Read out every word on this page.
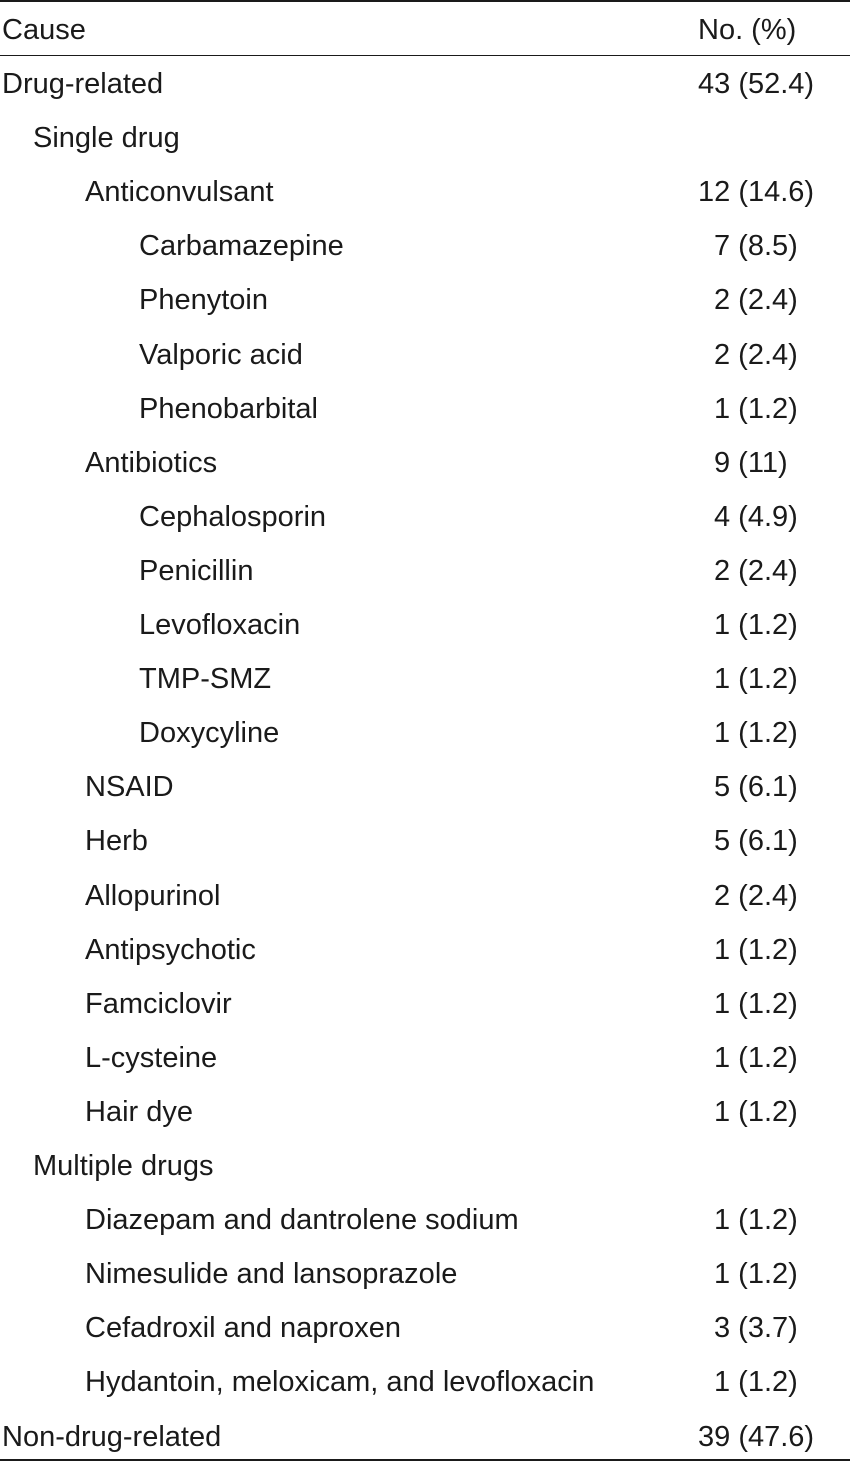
Cause	No. (%)
Drug-related	43 (52.4)
Single drug
Anticonvulsant	12 (14.6)
Carbamazepine	7 (8.5)
Phenytoin	2 (2.4)
Valporic acid	2 (2.4)
Phenobarbital	1 (1.2)
Antibiotics	9 (11)
Cephalosporin	4 (4.9)
Penicillin	2 (2.4)
Levofloxacin	1 (1.2)
TMP-SMZ	1 (1.2)
Doxycyline	1 (1.2)
NSAID	5 (6.1)
Herb	5 (6.1)
Allopurinol	2 (2.4)
Antipsychotic	1 (1.2)
Famciclovir	1 (1.2)
L-cysteine	1 (1.2)
Hair dye	1 (1.2)
Multiple drugs
Diazepam and dantrolene sodium	1 (1.2)
Nimesulide and lansoprazole	1 (1.2)
Cefadroxil and naproxen	3 (3.7)
Hydantoin, meloxicam, and levofloxacin	1 (1.2)
Non-drug-related	39 (47.6)
